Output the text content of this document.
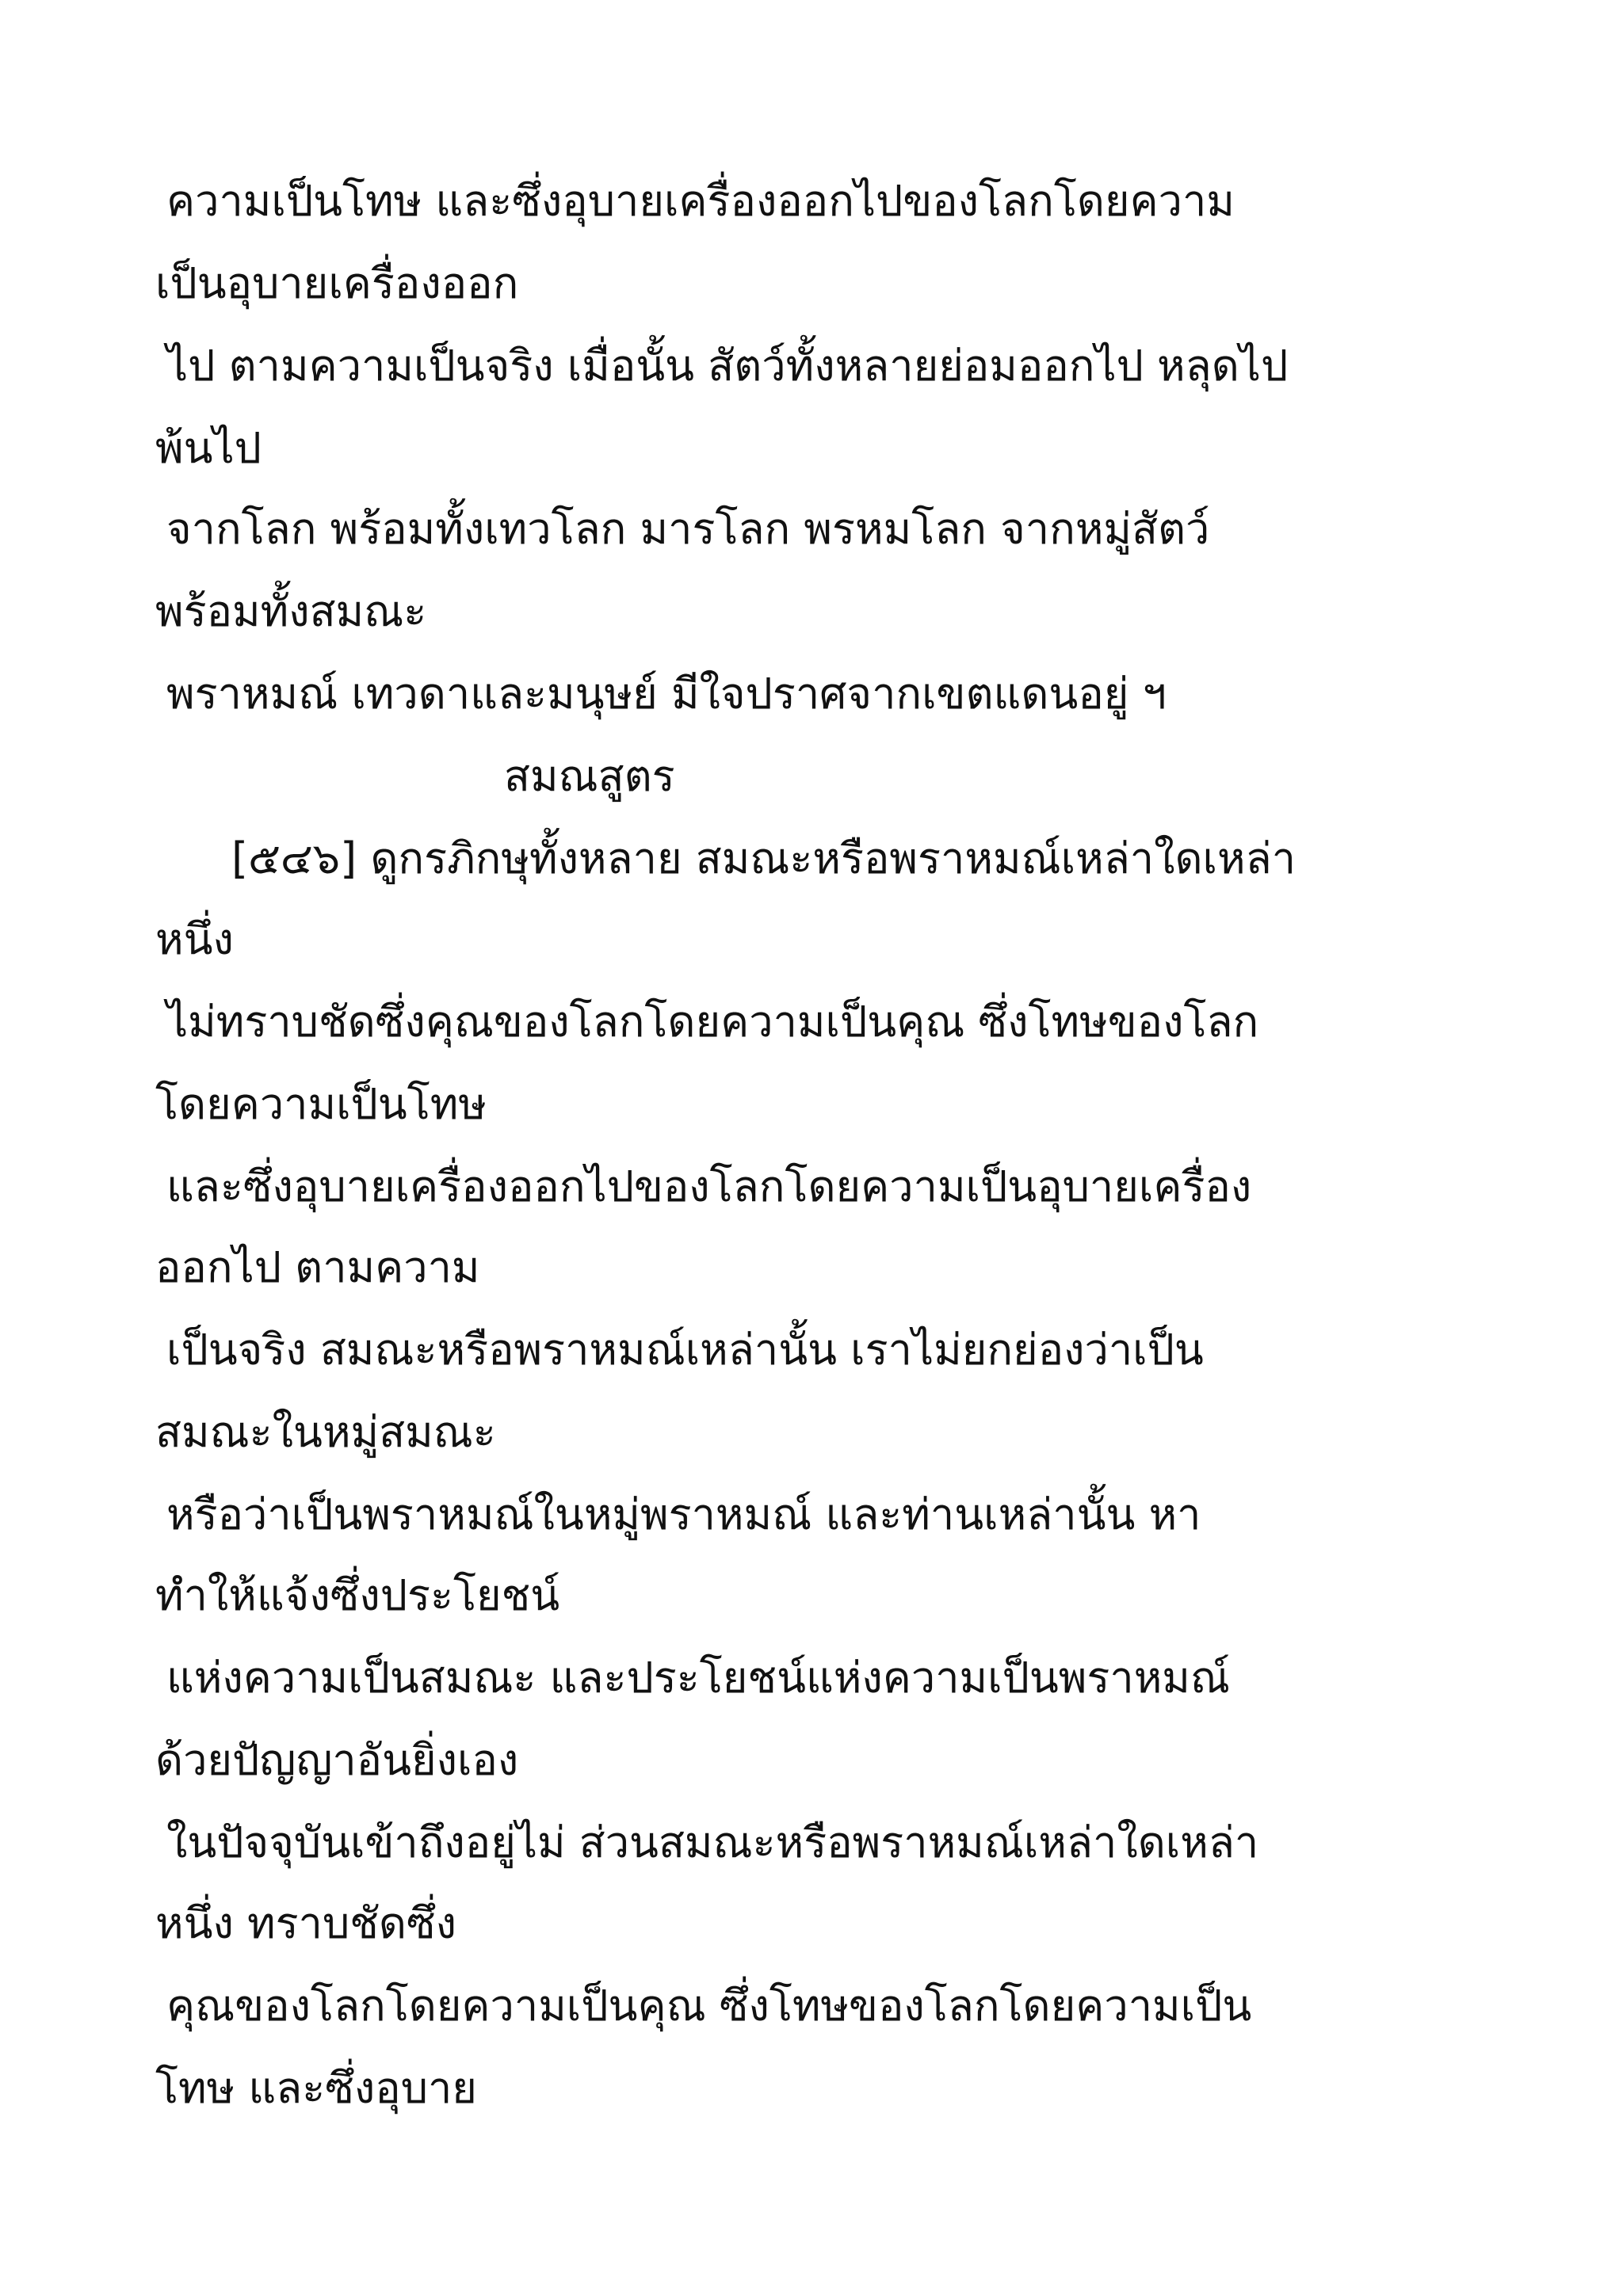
ความเป็นโทษ และซึ่งอุบายเครื่องออกไปของโลกโดยความ
เป็นอุบายเครื่องออก
ไป ตามความเป็นจริง เมื่อนั้น สัตว์ทั้งหลายย่อมออกไป หลุดไป
พ้นไป
จากโลก พร้อมทั้งเทวโลก มารโลก พรหมโลก จากหมู่สัตว์
พร้อมทั้งสมณะ
พราหมณ์ เทวดาและมนุษย์ มีใจปราศจากเขตแดนอยู่ ฯ
สมณสูตร
[๕๔๖] ดูกรภิกษุทั้งหลาย สมณะหรือพราหมณ์เหล่าใดเหล่า
หนึ่ง
ไม่ทราบชัดซึ่งคุณของโลกโดยความเป็นคุณ ซึ่งโทษของโลก
โดยความเป็นโทษ
และซึ่งอุบายเครื่องออกไปของโลกโดยความเป็นอุบายเครื่อง
ออกไป ตามความ
เป็นจริง สมณะหรือพราหมณ์เหล่านั้น เราไม่ยกย่องว่าเป็น
สมณะในหมู่สมณะ
หรือว่าเป็นพราหมณ์ในหมู่พราหมณ์ และท่านเหล่านั้น หา
ทำให้แจ้งซึ่งประโยชน์
แห่งความเป็นสมณะ และประโยชน์แห่งความเป็นพราหมณ์
ด้วยปัญญาอันยิ่งเอง
ในปัจจุบันเข้าถึงอยู่ไม่ ส่วนสมณะหรือพราหมณ์เหล่าใดเหล่า
หนึ่ง ทราบชัดซึ่ง
คุณของโลกโดยความเป็นคุณ ซึ่งโทษของโลกโดยความเป็น
โทษ และซึ่งอุบาย
